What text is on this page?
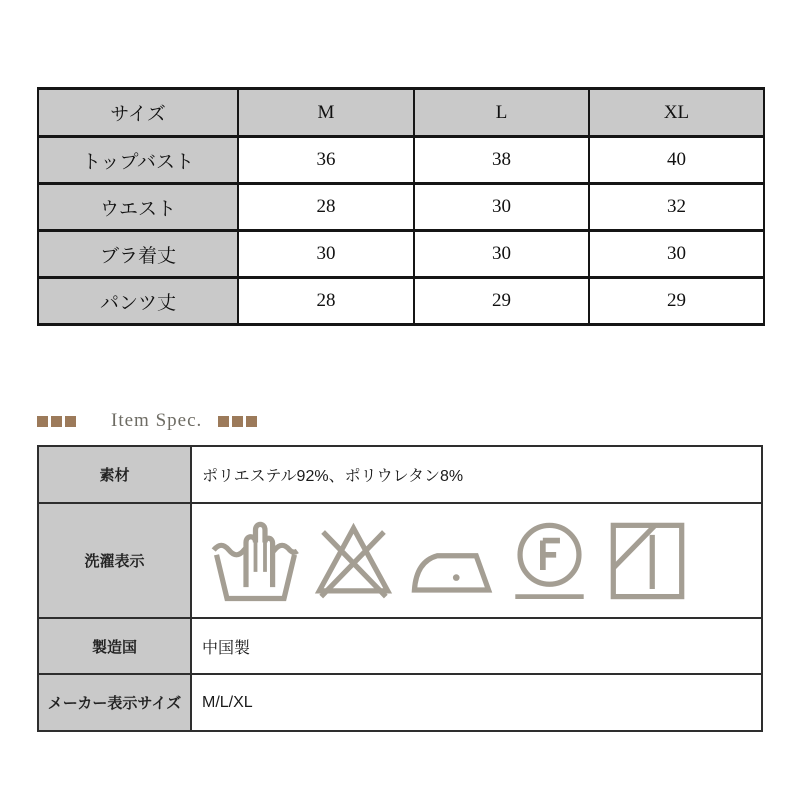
サイズ	M	L	XL
トップバスト	36	38	40
ウエスト	28	30	32
ブラ着丈	30	30	30
パンツ丈	28	29	29
Item Spec.
素材	ポリエステル92%、ポリウレタン8%
洗濯表示	

製造国	中国製
メーカー表示サイズ	M/L/XL
